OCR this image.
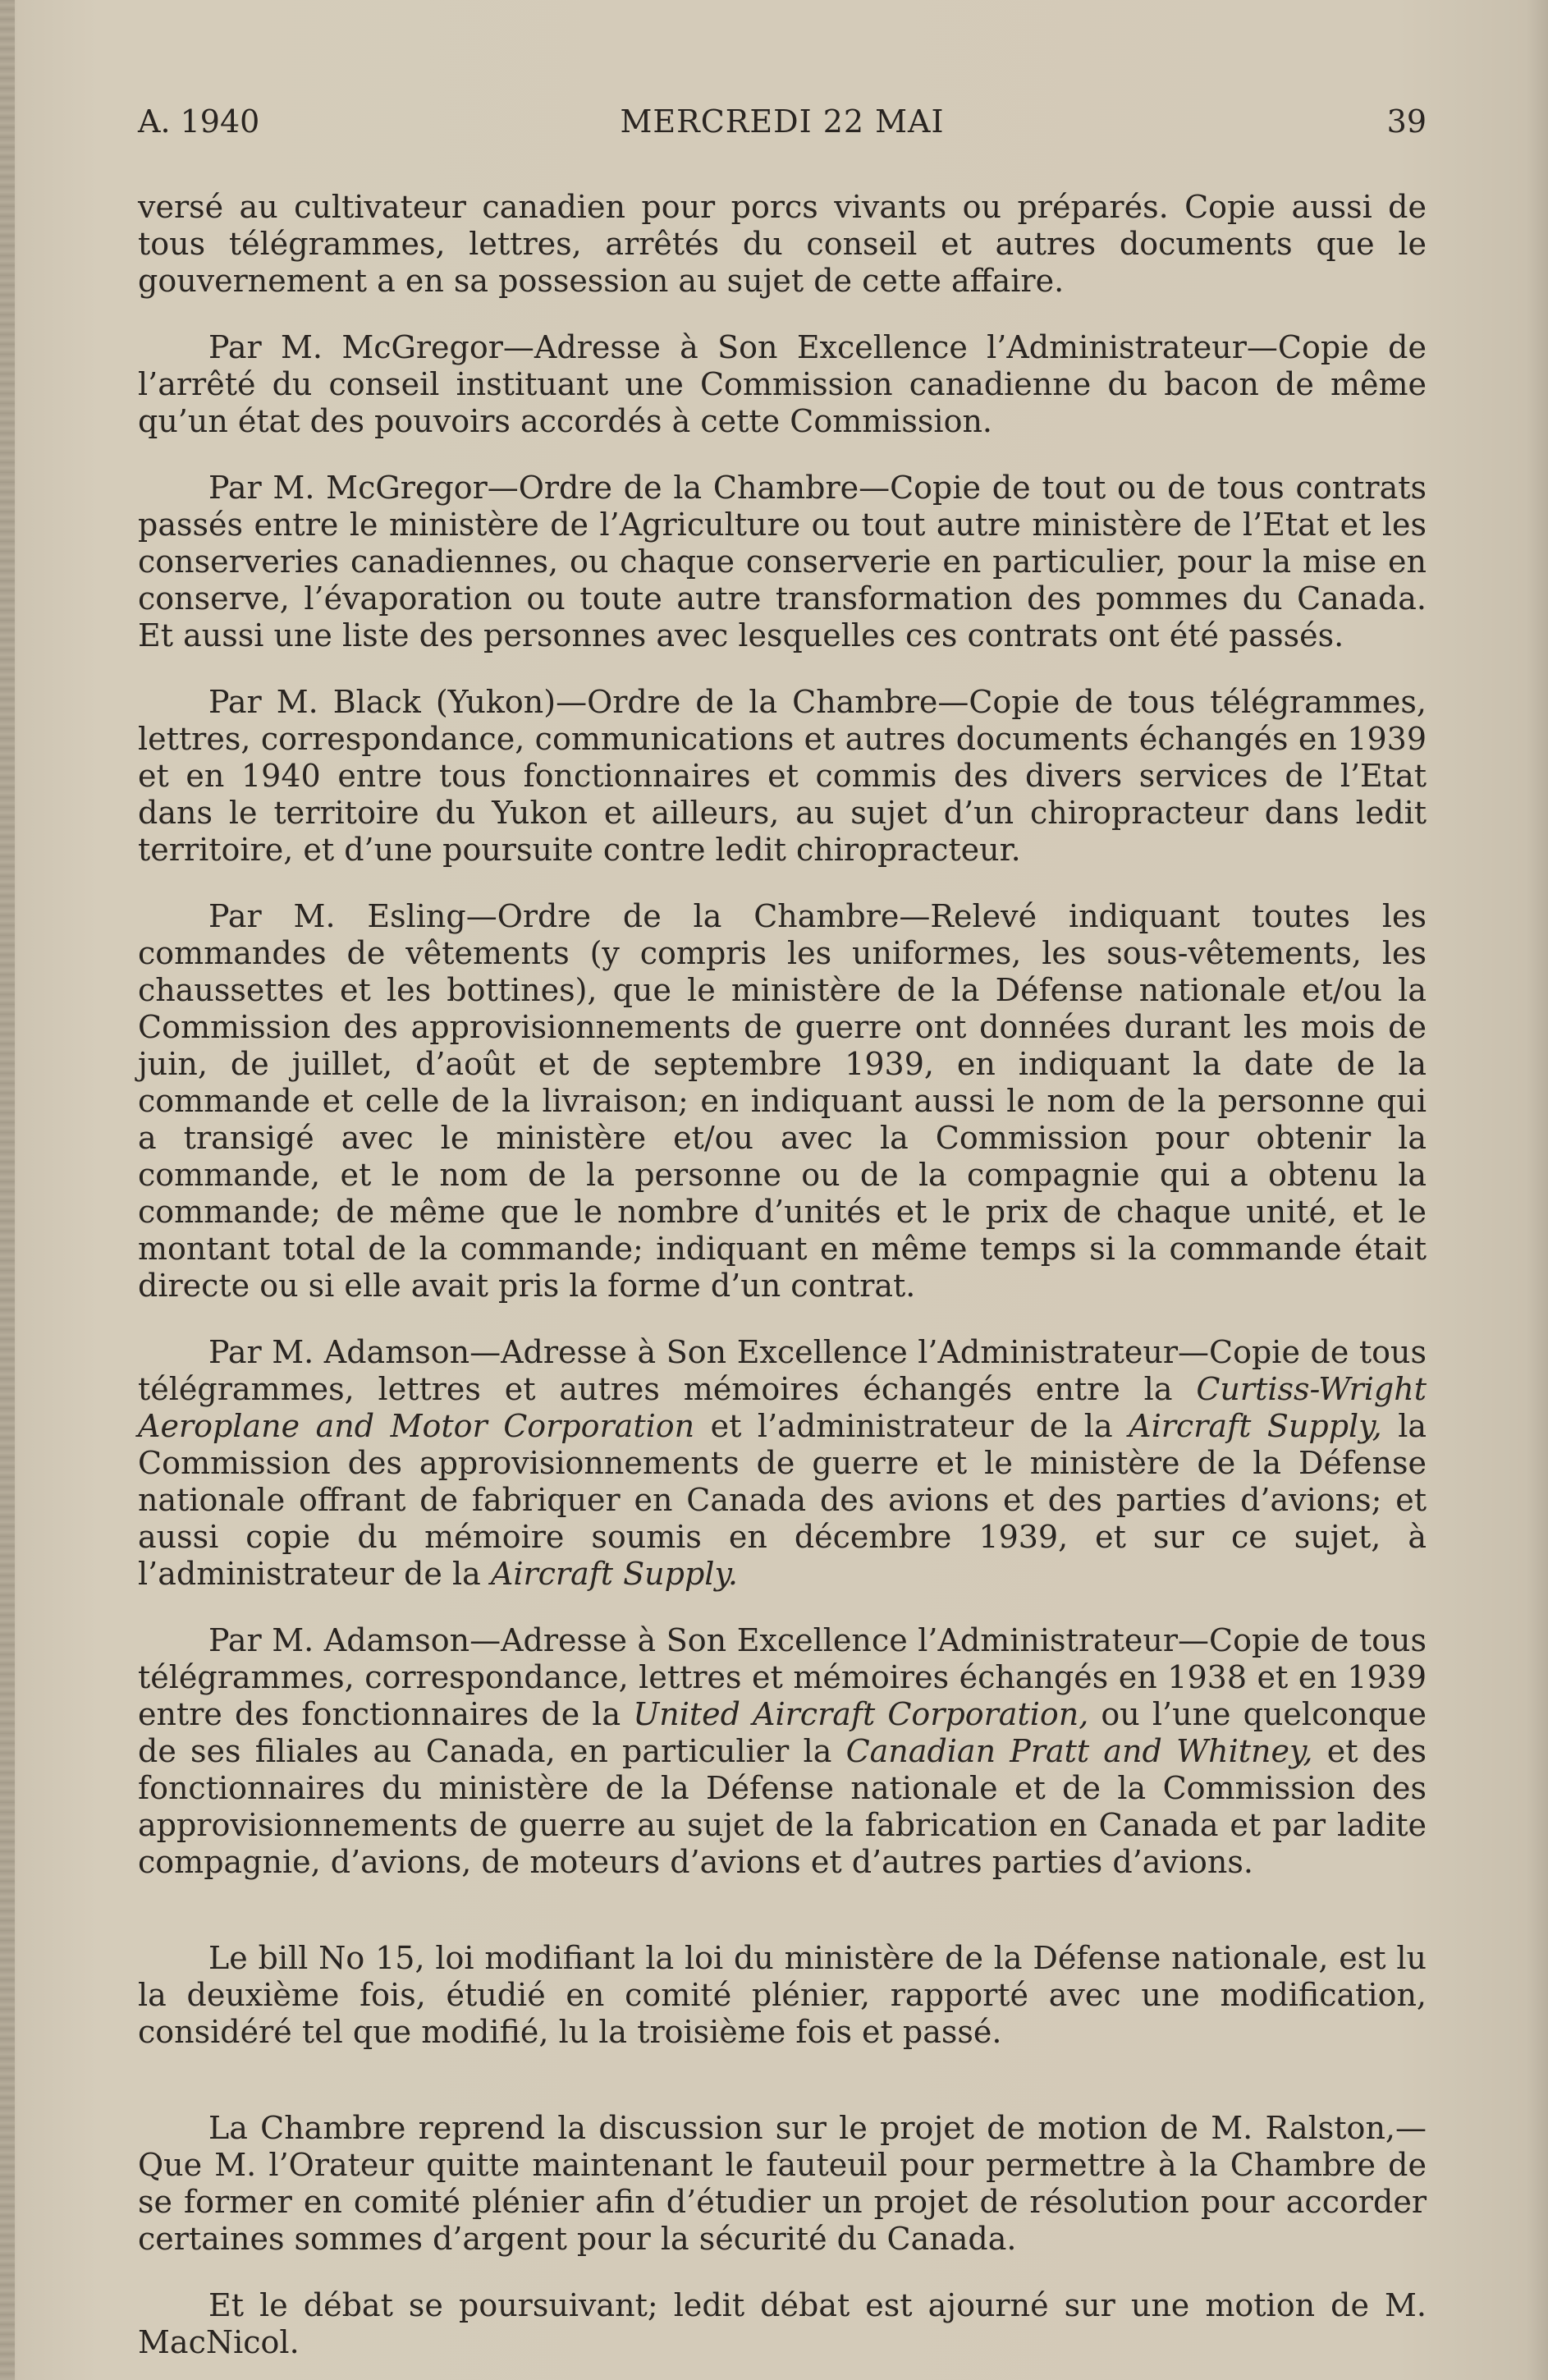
A. 1940	MERCREDI 22 MAI	39

versé au cultivateur canadien pour porcs vivants ou préparés. Copie aussi de tous télégrammes, lettres, arrêtés du conseil et autres documents que le gouvernement a en sa possession au sujet de cette affaire.

Par M. McGregor—Adresse à Son Excellence l’Administrateur—Copie de l’arrêté du conseil instituant une Commission canadienne du bacon de même qu’un état des pouvoirs accordés à cette Commission.

Par M. McGregor—Ordre de la Chambre—Copie de tout ou de tous contrats passés entre le ministère de l’Agriculture ou tout autre ministère de l’Etat et les conserveries canadiennes, ou chaque conserverie en particulier, pour la mise en conserve, l’évaporation ou toute autre transformation des pommes du Canada. Et aussi une liste des personnes avec lesquelles ces contrats ont été passés.

Par M. Black (Yukon)—Ordre de la Chambre—Copie de tous télégrammes, lettres, correspondance, communications et autres documents échangés en 1939 et en 1940 entre tous fonctionnaires et commis des divers services de l’Etat dans le territoire du Yukon et ailleurs, au sujet d’un chiropracteur dans ledit territoire, et d’une poursuite contre ledit chiropracteur.

Par M. Esling—Ordre de la Chambre—Relevé indiquant toutes les commandes de vêtements (y compris les uniformes, les sous-vêtements, les chaussettes et les bottines), que le ministère de la Défense nationale et/ou la Commission des approvisionnements de guerre ont données durant les mois de juin, de juillet, d’août et de septembre 1939, en indiquant la date de la commande et celle de la livraison; en indiquant aussi le nom de la personne qui a transigé avec le ministère et/ou avec la Commission pour obtenir la commande, et le nom de la personne ou de la compagnie qui a obtenu la commande; de même que le nombre d’unités et le prix de chaque unité, et le montant total de la commande; indiquant en même temps si la commande était directe ou si elle avait pris la forme d’un contrat.

Par M. Adamson—Adresse à Son Excellence l’Administrateur—Copie de tous télégrammes, lettres et autres mémoires échangés entre la Curtiss-Wright Aeroplane and Motor Corporation et l’administrateur de la Aircraft Supply, la Commission des approvisionnements de guerre et le ministère de la Défense nationale offrant de fabriquer en Canada des avions et des parties d’avions; et aussi copie du mémoire soumis en décembre 1939, et sur ce sujet, à l’administrateur de la Aircraft Supply.

Par M. Adamson—Adresse à Son Excellence l’Administrateur—Copie de tous télégrammes, correspondance, lettres et mémoires échangés en 1938 et en 1939 entre des fonctionnaires de la United Aircraft Corporation, ou l’une quelconque de ses filiales au Canada, en particulier la Canadian Pratt and Whitney, et des fonctionnaires du ministère de la Défense nationale et de la Commission des approvisionnements de guerre au sujet de la fabrication en Canada et par ladite compagnie, d’avions, de moteurs d’avions et d’autres parties d’avions.

Le bill No 15, loi modifiant la loi du ministère de la Défense nationale, est lu la deuxième fois, étudié en comité plénier, rapporté avec une modification, considéré tel que modifié, lu la troisième fois et passé.

La Chambre reprend la discussion sur le projet de motion de M. Ralston,— Que M. l’Orateur quitte maintenant le fauteuil pour permettre à la Chambre de se former en comité plénier afin d’étudier un projet de résolution pour accorder certaines sommes d’argent pour la sécurité du Canada.

Et le débat se poursuivant; ledit débat est ajourné sur une motion de M. MacNicol.
